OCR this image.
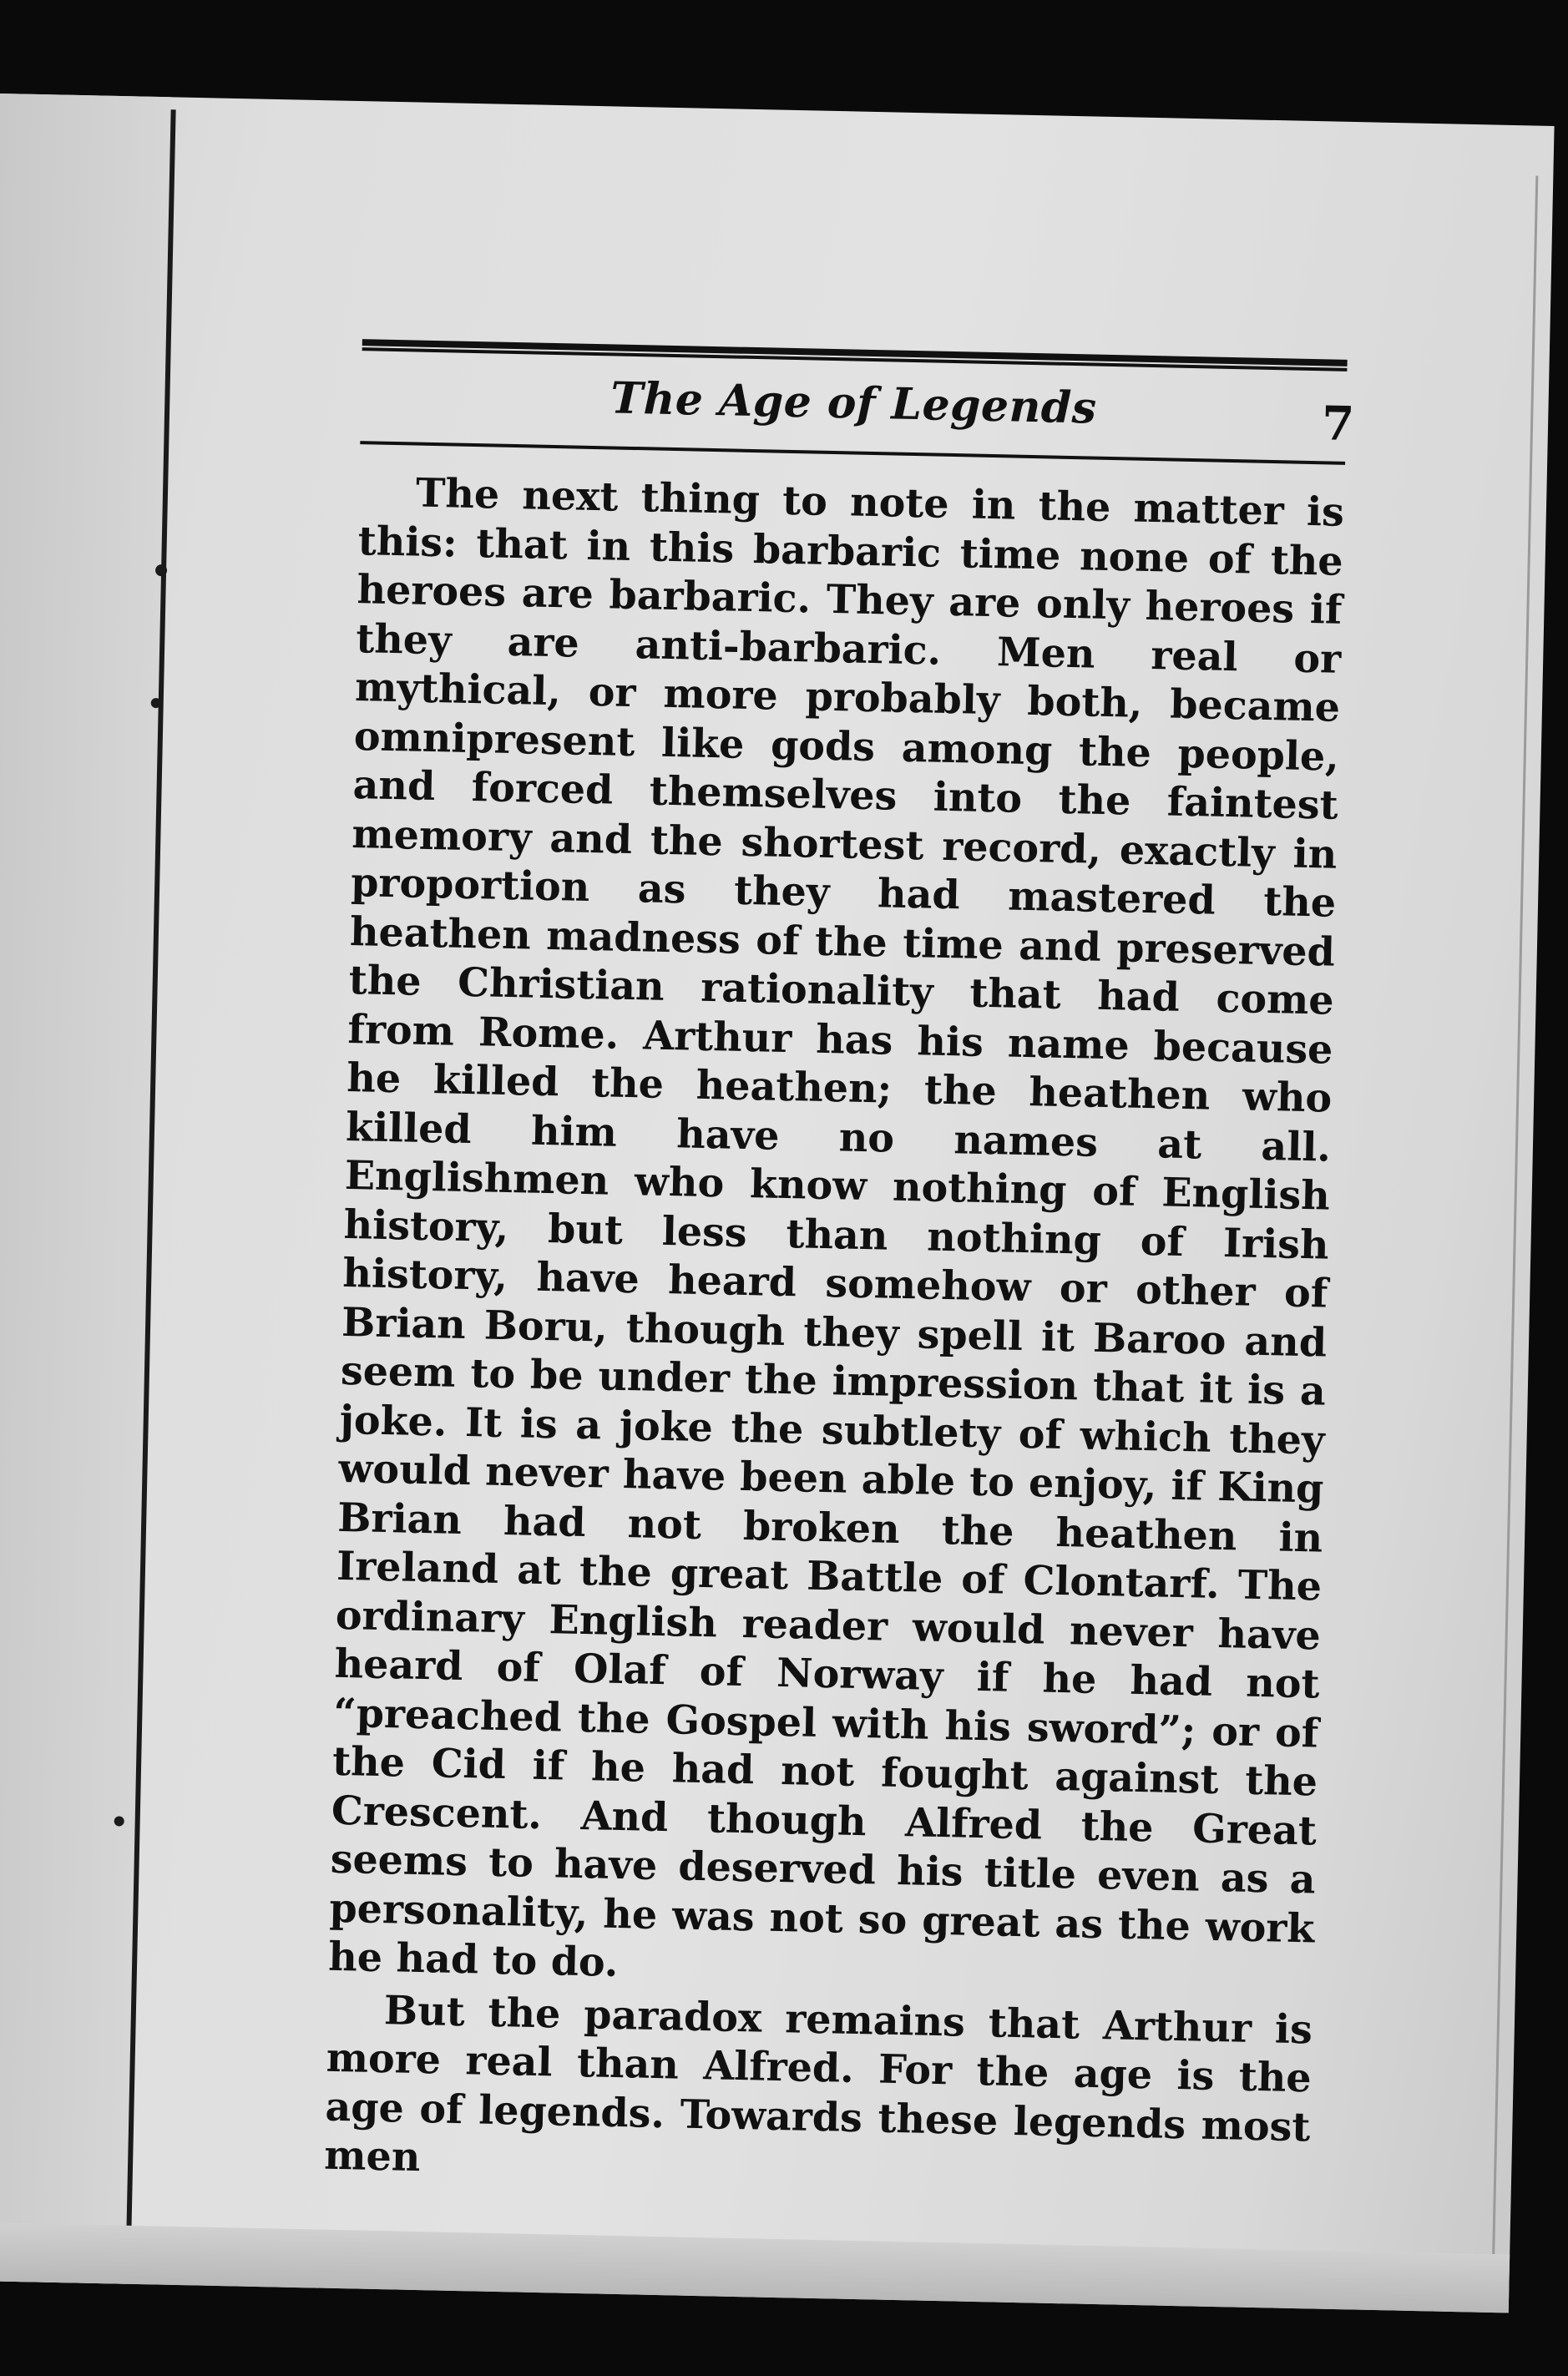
The Age of Legends	7

The next thing to note in the matter is this: that in this barbaric time none of the heroes are barbaric. They are only heroes if they are anti-barbaric. Men real or mythical, or more probably both, became omnipresent like gods among the people, and forced themselves into the faintest memory and the shortest record, exactly in proportion as they had mastered the heathen madness of the time and preserved the Christian rationality that had come from Rome. Arthur has his name because he killed the heathen; the heathen who killed him have no names at all. Englishmen who know nothing of English history, but less than nothing of Irish history, have heard somehow or other of Brian Boru, though they spell it Baroo and seem to be under the impression that it is a joke. It is a joke the subtlety of which they would never have been able to enjoy, if King Brian had not broken the heathen in Ireland at the great Battle of Clontarf. The ordinary English reader would never have heard of Olaf of Norway if he had not “preached the Gospel with his sword”; or of the Cid if he had not fought against the Crescent. And though Alfred the Great seems to have deserved his title even as a personality, he was not so great as the work he had to do.

But the paradox remains that Arthur is more real than Alfred. For the age is the age of legends. Towards these legends most men
